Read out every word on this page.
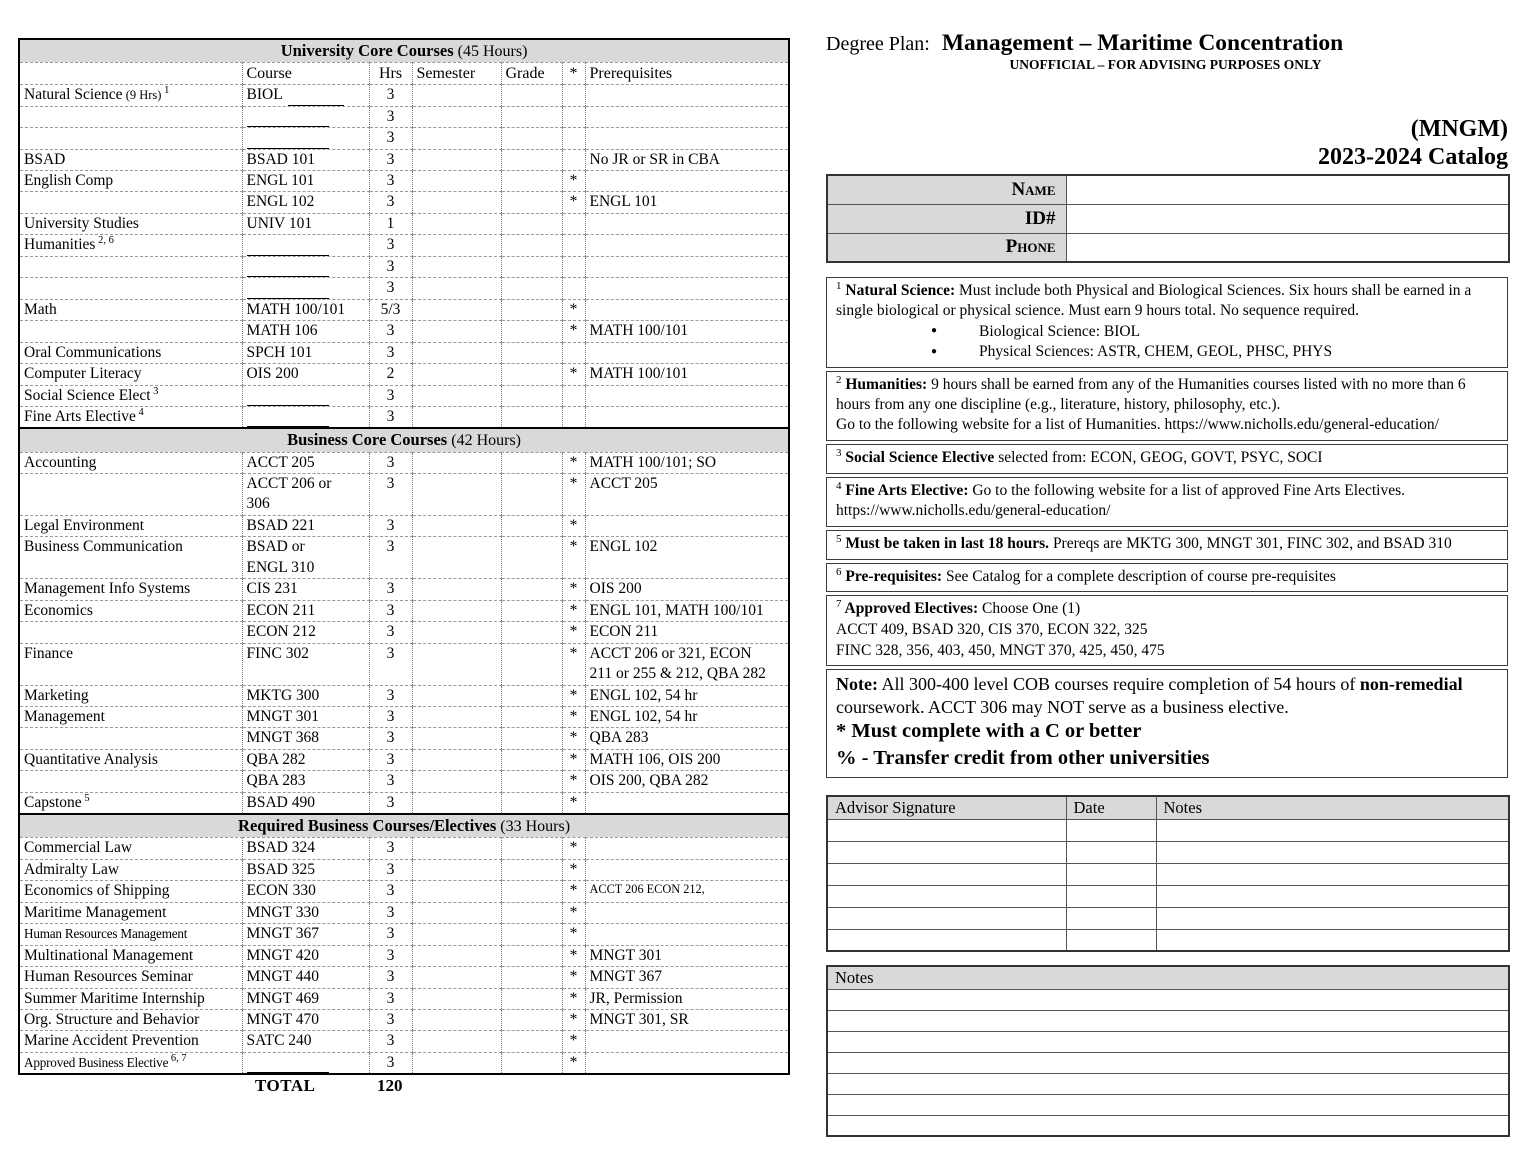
University Core Courses (45 Hours)						
	Course	Hrs	Semester	Grade	*	Prerequisites
Natural Science (9 Hrs) $^1$	BIOL	3				
		3				
		3				
BSAD	BSAD 101	3				No JR or SR in CBA
English Comp	ENGL 101	3			*	
	ENGL 102	3			*	ENGL 101
University Studies	UNIV 101	1				
Humanities $^{2, 6}$		3				
		3				
		3				
Math	MATH 100/101	5/3			*	
	MATH 106	3			*	MATH 100/101
Oral Communications	SPCH 101	3				
Computer Literacy	OIS 200	2			*	MATH 100/101
Social Science Elect $^3$		3				
Fine Arts Elective $^4$		3				
Business Core Courses (42 Hours)						
Accounting	ACCT 205	3			*	MATH 100/101; SO
	ACCT 206 or
306	3			*	ACCT 205
Legal Environment	BSAD 221	3			*	
Business Communication	BSAD or
ENGL 310	3			*	ENGL 102
Management Info Systems	CIS 231	3			*	OIS 200
Economics	ECON 211	3			*	ENGL 101, MATH 100/101
	ECON 212	3			*	ECON 211
Finance	FINC 302	3			*	ACCT 206 or 321, ECON
211 or 255 & 212, QBA 282
Marketing	MKTG 300	3			*	ENGL 102, 54 hr
Management	MNGT 301	3			*	ENGL 102, 54 hr
	MNGT 368	3			*	QBA 283
Quantitative Analysis	QBA 282	3			*	MATH 106, OIS 200
	QBA 283	3			*	OIS 200, QBA 282
Capstone $^5$	BSAD 490	3			*	
Required Business Courses/Electives (33 Hours)						
Commercial Law	BSAD 324	3			*	
Admiralty Law	BSAD 325	3			*	
Economics of Shipping	ECON 330	3			*	ACCT 206 ECON 212,
Maritime Management	MNGT 330	3			*	
Human Resources Management	MNGT 367	3			*	
Multinational Management	MNGT 420	3			*	MNGT 301
Human Resources Seminar	MNGT 440	3			*	MNGT 367
Summer Maritime Internship	MNGT 469	3			*	JR, Permission
Org. Structure and Behavior	MNGT 470	3			*	MNGT 301, SR
Marine Accident Prevention	SATC 240	3			*	
Approved Business Elective $^{6, 7}$		3			*	
TOTAL	120
Degree Plan: Management – Maritime Concentration
UNOFFICIAL – FOR ADVISING PURPOSES ONLY
(MNGM)
2023-2024 Catalog
Name	
ID#	
Phone	
$^1$ Natural Science: Must include both Physical and Biological Sciences. Six hours shall be earned in a single biological or physical science. Must earn 9 hours total. No sequence required.
●	Biological Science: BIOL
●	Physical Sciences: ASTR, CHEM, GEOL, PHSC, PHYS
$^2$ Humanities: 9 hours shall be earned from any of the Humanities courses listed with no more than 6 hours from any one discipline (e.g., literature, history, philosophy, etc.).
Go to the following website for a list of Humanities. https://www.nicholls.edu/general-education/
$^3$ Social Science Elective selected from: ECON, GEOG, GOVT, PSYC, SOCI
$^4$ Fine Arts Elective: Go to the following website for a list of approved Fine Arts Electives.
https://www.nicholls.edu/general-education/
$^5$ Must be taken in last 18 hours. Prereqs are MKTG 300, MNGT 301, FINC 302, and BSAD 310
$^6$ Pre-requisites: See Catalog for a complete description of course pre-requisites
$^7$ Approved Electives: Choose One (1)
ACCT 409, BSAD 320, CIS 370, ECON 322, 325
FINC 328, 356, 403, 450, MNGT 370, 425, 450, 475
Note: All 300-400 level COB courses require completion of 54 hours of non-remedial coursework. ACCT 306 may NOT serve as a business elective.
* Must complete with a C or better
% - Transfer credit from other universities
Advisor Signature	Date	Notes

Notes
